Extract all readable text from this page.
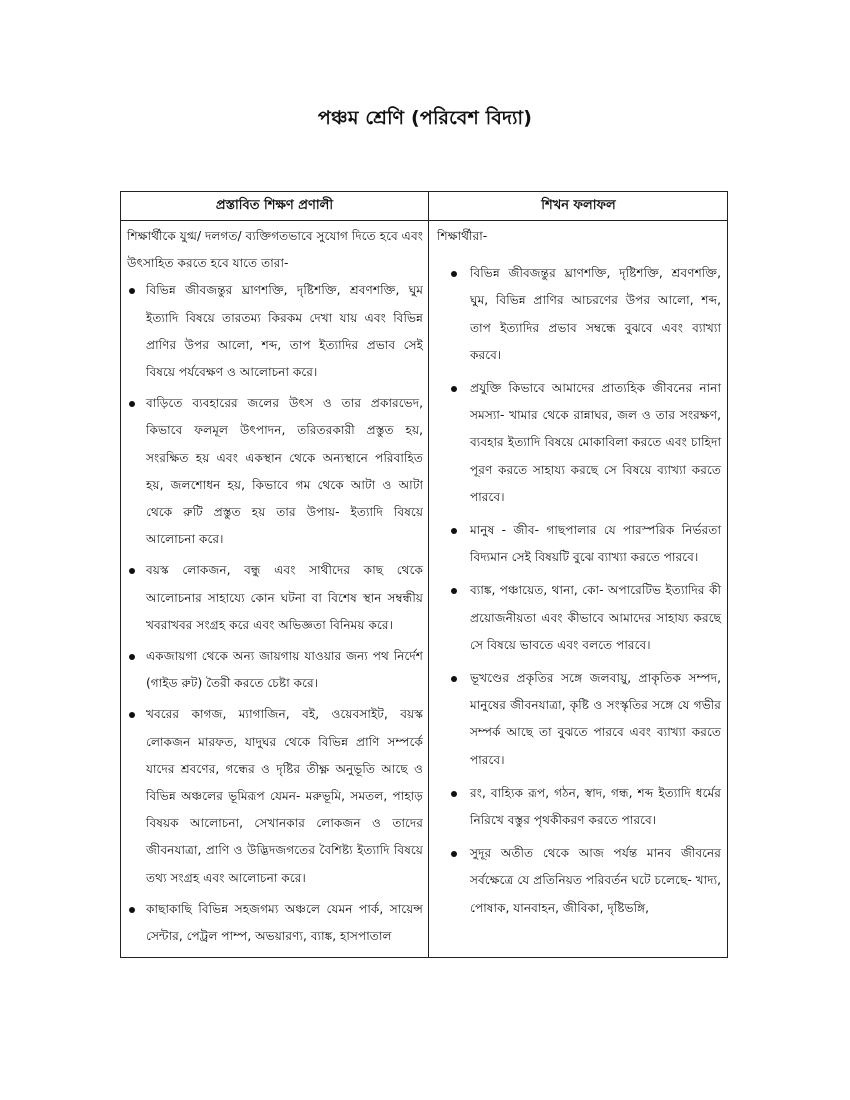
পঞ্চম শ্রেণি (পরিবেশ বিদ্যা)
প্রস্তাবিত শিক্ষণ প্রণালী	শিখন ফলাফল

শিক্ষার্থীকে যুগ্ম/ দলগত/ ব্যক্তিগতভাবে সুযোগ দিতে হবে এবং উৎসাহিত করতে হবে যাতে তারা-

বিভিন্ন জীবজন্তুর ঘ্রাণশক্তি, দৃষ্টিশক্তি, শ্রবণশক্তি, ঘুম ইত্যাদি বিষয়ে তারতম্য কিরকম দেখা যায় এবং বিভিন্ন প্রাণির উপর আলো, শব্দ, তাপ ইত্যাদির প্রভাব সেই বিষয়ে পর্যবেক্ষণ ও আলোচনা করে।
বাড়িতে ব্যবহারের জলের উৎস ও তার প্রকারভেদ, কিভাবে ফলমূল উৎপাদন, তরিতরকারী প্রস্তুত হয়, সংরক্ষিত হয় এবং একস্থান থেকে অন্যস্থানে পরিবাহিত হয়, জলশোধন হয়, কিভাবে গম থেকে আটা ও আটা থেকে রুটি প্রস্তুত হয় তার উপায়- ইত্যাদি বিষয়ে আলোচনা করে।
বয়স্ক লোকজন, বন্ধু এবং সাথীদের কাছ থেকে আলোচনার সাহায্যে কোন ঘটনা বা বিশেষ স্থান সম্বন্ধীয় খবরাখবর সংগ্রহ করে এবং অভিজ্ঞতা বিনিময় করে।
একজায়গা থেকে অন্য জায়গায় যাওয়ার জন্য পথ নির্দেশ (গাইড রুট) তৈরী করতে চেষ্টা করে।
খবরের কাগজ, ম্যাগাজিন, বই, ওয়েবসাইট, বয়স্ক লোকজন মারফত, যাদুঘর থেকে বিভিন্ন প্রাণি সম্পর্কে যাদের শ্রবণের, গন্ধের ও দৃষ্টির তীক্ষ্ণ অনুভূতি আছে ও বিভিন্ন অঞ্চলের ভূমিরূপ যেমন- মরুভূমি, সমতল, পাহাড় বিষয়ক আলোচনা, সেখানকার লোকজন ও তাদের জীবনযাত্রা, প্রাণি ও উদ্ভিদজগতের বৈশিষ্ট্য ইত্যাদি বিষয়ে তথ্য সংগ্রহ এবং আলোচনা করে।
কাছাকাছি বিভিন্ন সহজগম্য অঞ্চলে যেমন পার্ক, সায়েন্স সেন্টার, পেট্রল পাম্প, অভয়ারণ্য, ব্যাঙ্ক, হাসপাতাল

শিক্ষার্থীরা-

বিভিন্ন জীবজন্তুর ঘ্রাণশক্তি, দৃষ্টিশক্তি, শ্রবণশক্তি, ঘুম, বিভিন্ন প্রাণির আচরণের উপর আলো, শব্দ, তাপ ইত্যাদির প্রভাব সম্বন্ধে বুঝবে এবং ব্যাখ্যা করবে।
প্রযুক্তি কিভাবে আমাদের প্রাত্যহিক জীবনের নানা সমস্যা- খামার থেকে রান্নাঘর, জল ও তার সংরক্ষণ, ব্যবহার ইত্যাদি বিষয়ে মোকাবিলা করতে এবং চাহিদা পূরণ করতে সাহায্য করছে সে বিষয়ে ব্যাখ্যা করতে পারবে।
মানুষ - জীব- গাছপালার যে পারস্পরিক নির্ভরতা বিদ্যমান সেই বিষয়টি বুঝে ব্যাখ্যা করতে পারবে।
ব্যাঙ্ক, পঞ্চায়েত, থানা, কো- অপারেটিভ ইত্যাদির কী প্রয়োজনীয়তা এবং কীভাবে আমাদের সাহায্য করছে সে বিষয়ে ভাবতে এবং বলতে পারবে।
ভূখণ্ডের প্রকৃতির সঙ্গে জলবায়ু, প্রাকৃতিক সম্পদ, মানুষের জীবনযাত্রা, কৃষ্টি ও সংস্কৃতির সঙ্গে যে গভীর সম্পর্ক আছে তা বুঝতে পারবে এবং ব্যাখ্যা করতে পারবে।
রং, বাহ্যিক রূপ, গঠন, স্বাদ, গন্ধ, শব্দ ইত্যাদি ধর্মের নিরিখে বস্তুর পৃথকীকরণ করতে পারবে।
সুদূর অতীত থেকে আজ পর্যন্ত মানব জীবনের সর্বক্ষেত্রে যে প্রতিনিয়ত পরিবর্তন ঘটে চলেছে- খাদ্য, পোষাক, যানবাহন, জীবিকা, দৃষ্টিভঙ্গি,
